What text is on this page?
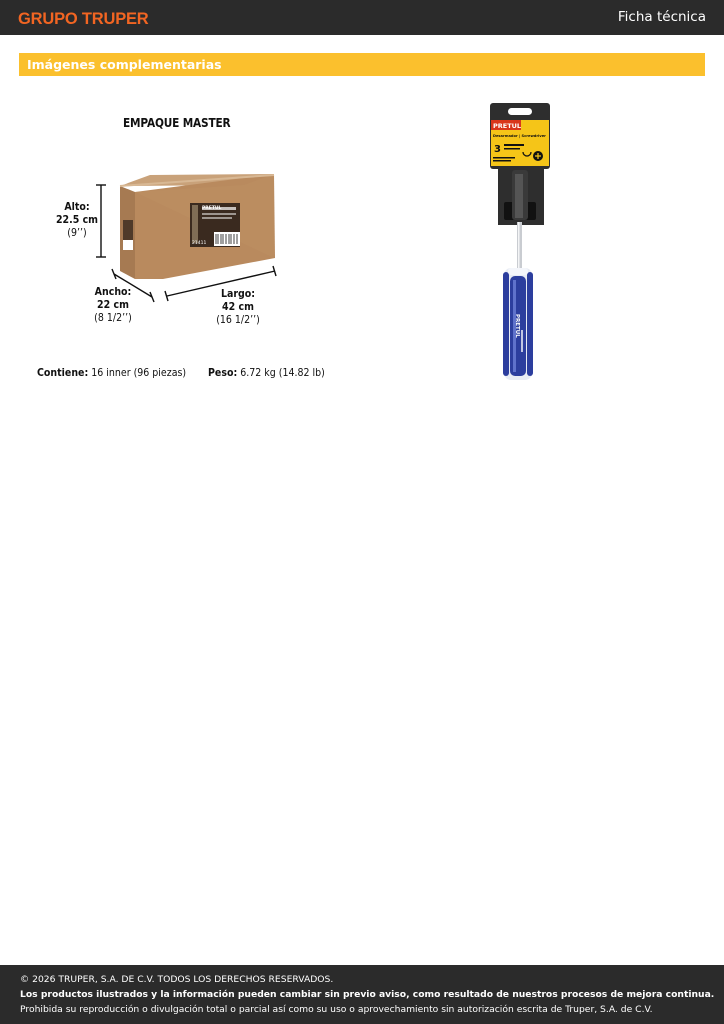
GRUPO TRUPER	Ficha técnica
Imágenes complementarias
PRETUL
21411
EMPAQUE MASTER
Alto:
22.5 cm
(9’’)
Ancho:
22 cm
(8 1/2’’)
Largo:
42 cm
(16 1/2’’)
Contiene: 16 inner (96 piezas) Peso: 6.72 kg (14.82 lb)
PRETUL
Desarmador | Screwdriver
3
PRETUL

© 2026 TRUPER, S.A. DE C.V. TODOS LOS DERECHOS RESERVADOS.

Los productos ilustrados y la información pueden cambiar sin previo aviso, como resultado de nuestros procesos de mejora continua.

Prohibida su reproducción o divulgación total o parcial así como su uso o aprovechamiento sin autorización escrita de Truper, S.A. de C.V.
